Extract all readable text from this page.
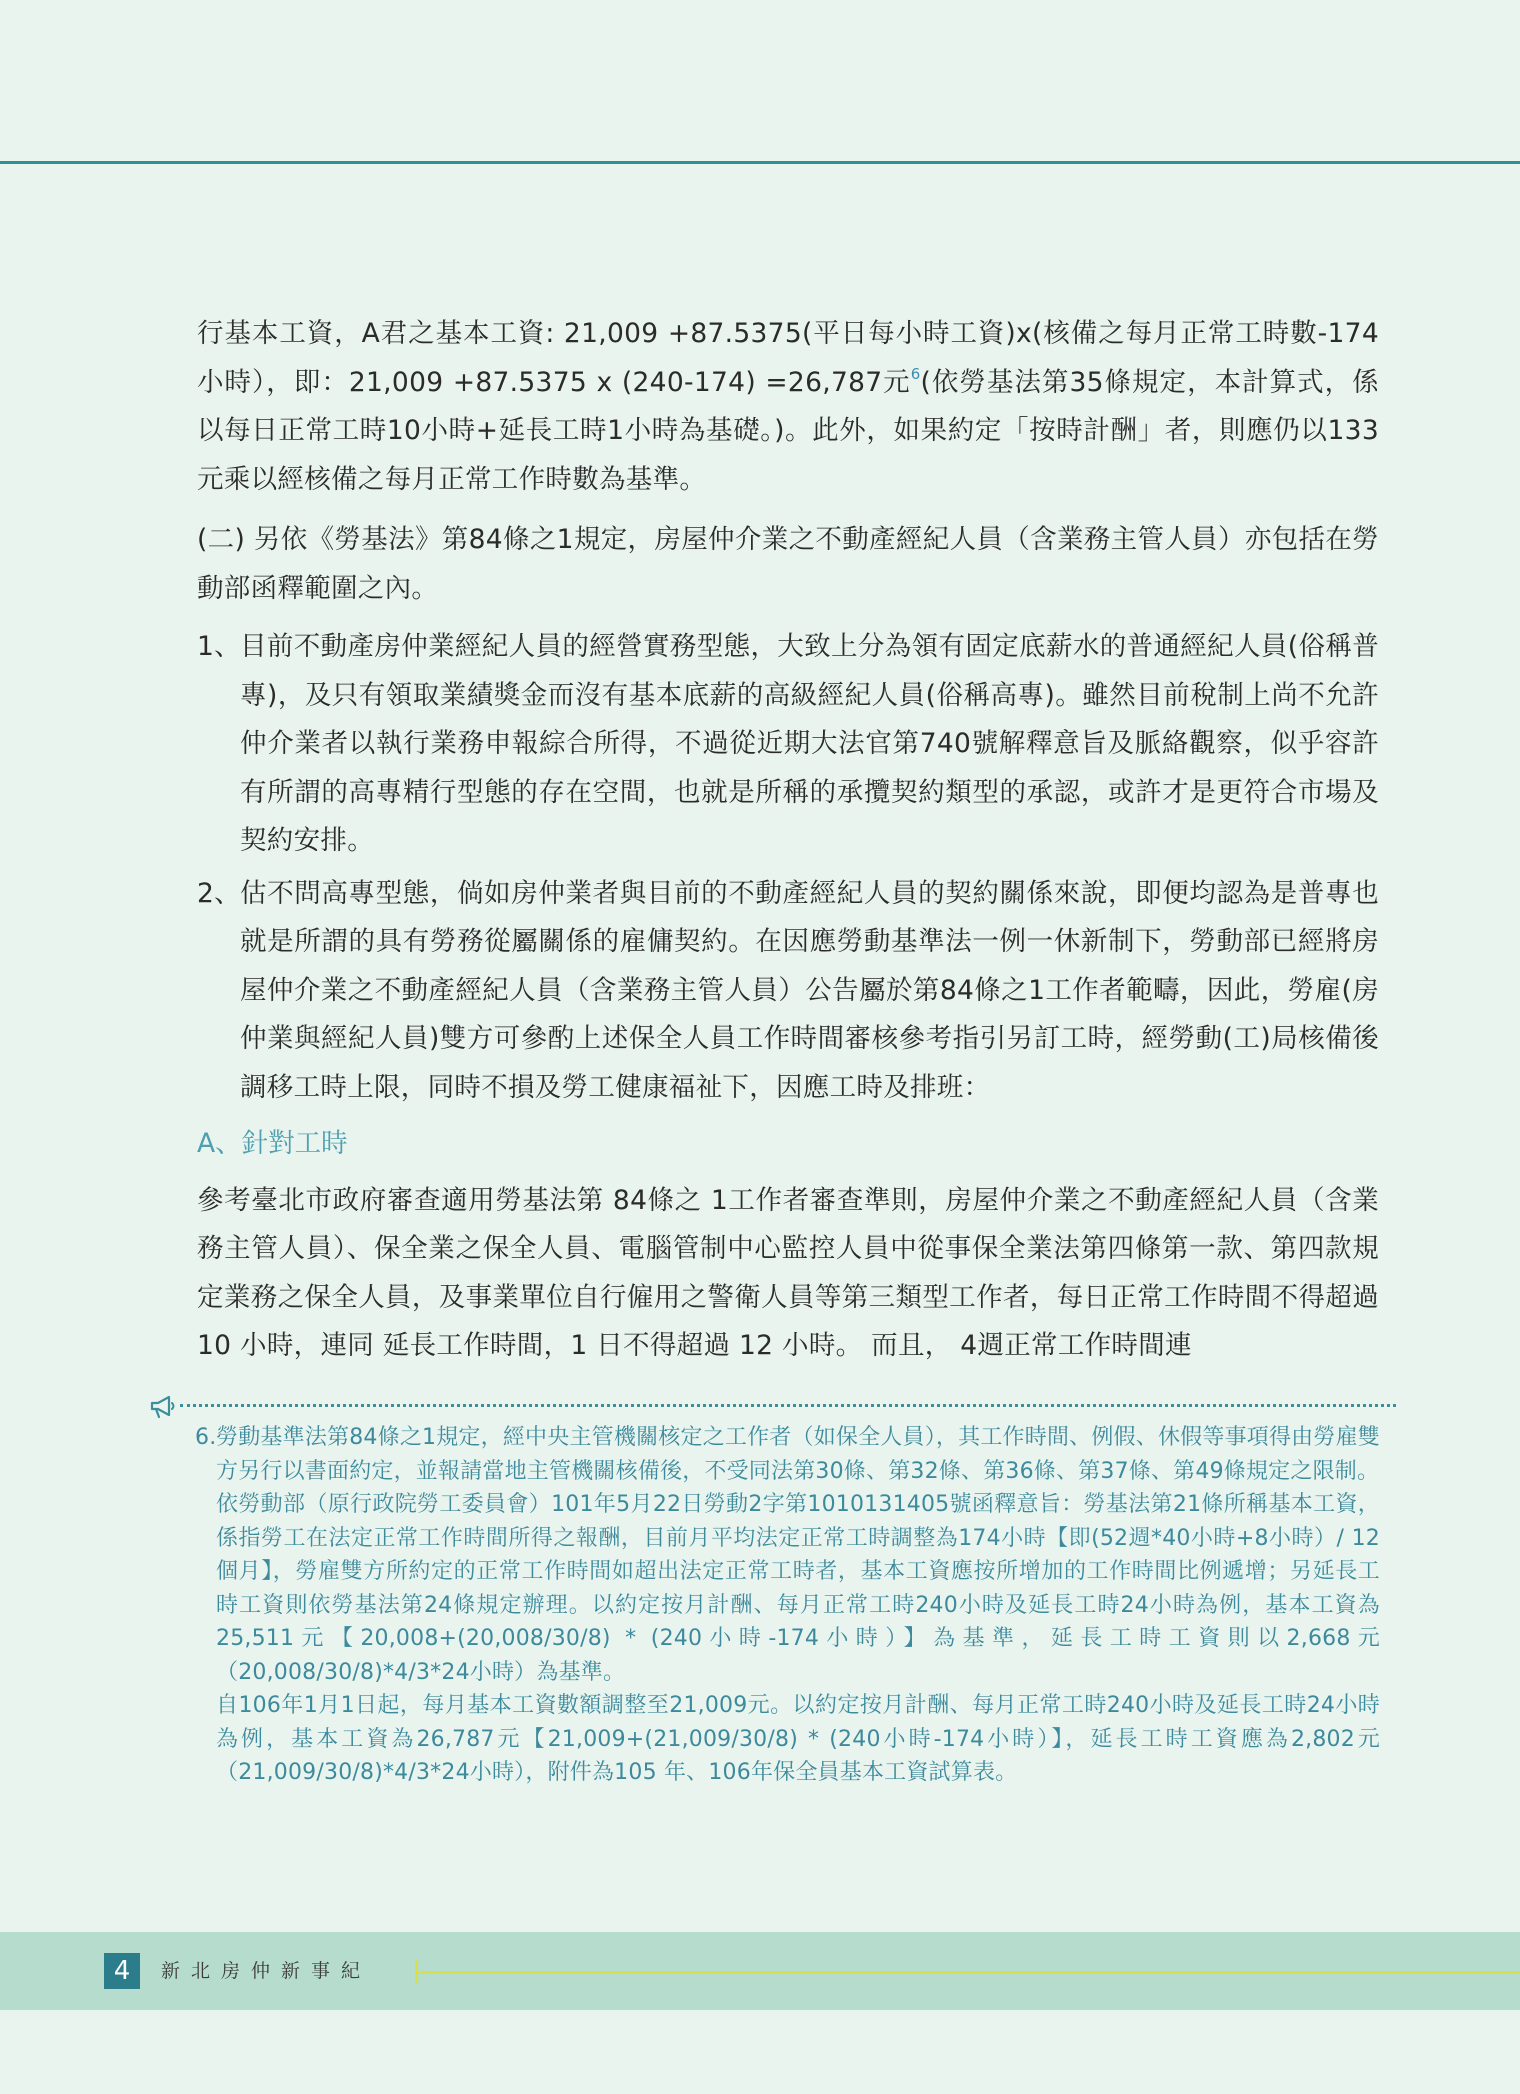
行基本工資，A君之基本工資: 21,009 +87.5375(平日每小時工資)x(核備之每月正常工時數-174小時），即：21,009 +87.5375 x (240-174) =26,787元$^6$(依勞基法第35條規定，本計算式，係以每日正常工時10小時+延長工時1小時為基礎。)。此外，如果約定「按時計酬」者，則應仍以133元乘以經核備之每月正常工作時數為基準。

(二) 另依《勞基法》第84條之1規定，房屋仲介業之不動產經紀人員（含業務主管人員）亦包括在勞動部函釋範圍之內。

1、 目前不動產房仲業經紀人員的經營實務型態，大致上分為領有固定底薪水的普通經紀人員(俗稱普專)，及只有領取業績獎金而沒有基本底薪的高級經紀人員(俗稱高專)。雖然目前稅制上尚不允許仲介業者以執行業務申報綜合所得，不過從近期大法官第740號解釋意旨及脈絡觀察，似乎容許有所謂的高專精行型態的存在空間，也就是所稱的承攬契約類型的承認，或許才是更符合市場及契約安排。
2、 估不問高專型態，倘如房仲業者與目前的不動產經紀人員的契約關係來說，即便均認為是普專也就是所謂的具有勞務從屬關係的雇傭契約。在因應勞動基準法一例一休新制下，勞動部已經將房屋仲介業之不動產經紀人員（含業務主管人員）公告屬於第84條之1工作者範疇，因此，勞雇(房仲業與經紀人員)雙方可參酌上述保全人員工作時間審核參考指引另訂工時，經勞動(工)局核備後調移工時上限，同時不損及勞工健康福祉下，因應工時及排班：
A、針對工時

參考臺北市政府審查適用勞基法第 84條之 1工作者審查準則，房屋仲介業之不動產經紀人員（含業務主管人員）、保全業之保全人員、電腦管制中心監控人員中從事保全業法第四條第一款、第四款規定業務之保全人員，及事業單位自行僱用之警衛人員等第三類型工作者，每日正常工作時間不得超過 10 小時，連同 延長工作時間，1 日不得超過 12 小時。 而且， 4週正常工作時間連

6. 勞動基準法第84條之1規定，經中央主管機關核定之工作者（如保全人員），其工作時間、例假、休假等事項得由勞雇雙方另行以書面約定，並報請當地主管機關核備後，不受同法第30條、第32條、第36條、第37條、第49條規定之限制。

依勞動部（原行政院勞工委員會）101年5月22日勞動2字第1010131405號函釋意旨：勞基法第21條所稱基本工資，係指勞工在法定正常工作時間所得之報酬，目前月平均法定正常工時調整為174小時【即(52週*40小時+8小時）/ 12個月】，勞雇雙方所約定的正常工作時間如超出法定正常工時者，基本工資應按所增加的工作時間比例遞增；另延長工時工資則依勞基法第24條規定辦理。以約定按月計酬、每月正常工時240小時及延長工時24小時為例，基本工資為25,511元【20,008+(20,008/30/8) * (240小時-174小時）】為基準，延長工時工資則以2,668元（20,008/30/8)*4/3*24小時）為基準。

自106年1月1日起，每月基本工資數額調整至21,009元。以約定按月計酬、每月正常工時240小時及延長工時24小時為例，基本工資為26,787元【21,009+(21,009/30/8) * (240小時-174小時）】，延長工時工資應為2,802元（21,009/30/8)*4/3*24小時），附件為105 年、106年保全員基本工資試算表。

4	新北房仲新事紀
